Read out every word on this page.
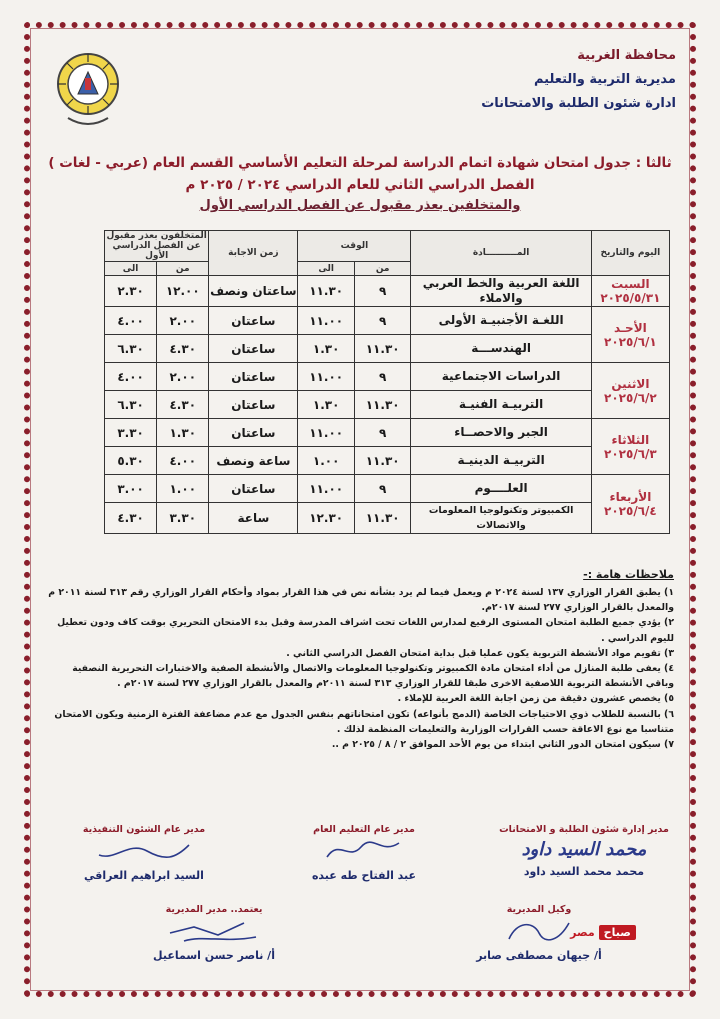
محافظة الغربية
مديرية التربية والتعليم
ادارة شئون الطلبة والامتحانات
ثالثا : جدول امتحان شهادة اتمام الدراسة لمرحلة التعليم الأساسي القسم العام (عربي - لغات )
الفصل الدراسي الثاني للعام الدراسي ٢٠٢٤ / ٢٠٢٥ م
والمتخلفين بعذر مقبول عن الفصل الدراسي الأول
اليوم والتاريخ	المــــــــــادة	الوقت		زمن الاجابة	المتخلفون بعذر مقبول عن الفصل الدراسي الأول	
		من	الى		من	الى

السبت
٢٠٢٥/٥/٣١	اللغة العربية والخط العربي والاملاء	٩	١١.٣٠	ساعتان ونصف	١٢.٠٠	٢.٣٠

الأحـد
٢٠٢٥/٦/١	اللغـة الأجنبيـة الأولى	٩	١١.٠٠	ساعتان	٢.٠٠	٤.٠٠
	الهندســـة	١١.٣٠	١.٣٠	ساعتان	٤.٣٠	٦.٣٠

الاثنين
٢٠٢٥/٦/٢	الدراسات الاجتماعية	٩	١١.٠٠	ساعتان	٢.٠٠	٤.٠٠
	التربيـة الفنيـة	١١.٣٠	١.٣٠	ساعتان	٤.٣٠	٦.٣٠

الثلاثاء
٢٠٢٥/٦/٣	الجبر والاحصــاء	٩	١١.٠٠	ساعتان	١.٣٠	٣.٣٠
	التربيـة الدينيـة	١١.٣٠	١.٠٠	ساعة ونصف	٤.٠٠	٥.٣٠

الأربعاء
٢٠٢٥/٦/٤	العلــــوم	٩	١١.٠٠	ساعتان	١.٠٠	٣.٠٠
	الكمبيوتر وتكنولوجيا المعلومات والاتصالات	١١.٣٠	١٢.٣٠	ساعة	٣.٣٠	٤.٣٠
ملاحظات هامة :-

١) يطبق القرار الوزاري ١٣٧ لسنة ٢٠٢٤ م ويعمل فيما لم يرد بشأنه نص في هذا القرار بمواد وأحكام القرار الوزاري رقم ٣١٣ لسنة ٢٠١١ م والمعدل بالقرار الوزاري ٢٧٧ لسنة ٢٠١٧م.

٢) يؤدي جميع الطلبة امتحان المستوى الرفيع لمدارس اللغات تحت اشراف المدرسة وقبل بدء الامتحان التحريري بوقت كاف ودون تعطيل لليوم الدراسي .

٣) تقويم مواد الأنشطة التربوية يكون عمليا قبل بداية امتحان الفصل الدراسي الثاني .

٤) يعفى طلبة المنازل من أداء امتحان مادة الكمبيوتر وتكنولوجيا المعلومات والاتصال والأنشطة الصفية والاختبارات التحريرية النصفية وباقي الأنشطة التربوية اللاصفية الاخرى طبقا للقرار الوزاري ٣١٣ لسنة ٢٠١١م والمعدل بالقرار الوزاري ٢٧٧ لسنة ٢٠١٧م .

٥) يخصص عشرون دقيقة من زمن اجابة اللغة العربية للإملاء .

٦) بالنسبة للطلاب ذوي الاحتياجات الخاصة (الدمج بأنواعه) تكون امتحاناتهم بنفس الجدول مع عدم مضاعفة الفترة الزمنية ويكون الامتحان متناسبا مع نوع الاعاقة حسب القرارات الوزارية والتعليمات المنظمة لذلك .

٧) سيكون امتحان الدور الثاني ابتداء من يوم الأحد الموافق ٢ / ٨ / ٢٠٢٥ م ..

مدير إدارة شئون الطلبة و الامتحانات
محمد السيد داود
محمد محمد السيد داود
مدير عام التعليم العام
عبد الفتاح طه عبده
مدير عام الشئون التنفيذية
السيد ابراهيم العراقي
وكيل المديرية
أ/ جيهان مصطفى صابر
يعتمد.. مدير المديرية
أ/ ناصر حسن اسماعيل
صباح
مصر
